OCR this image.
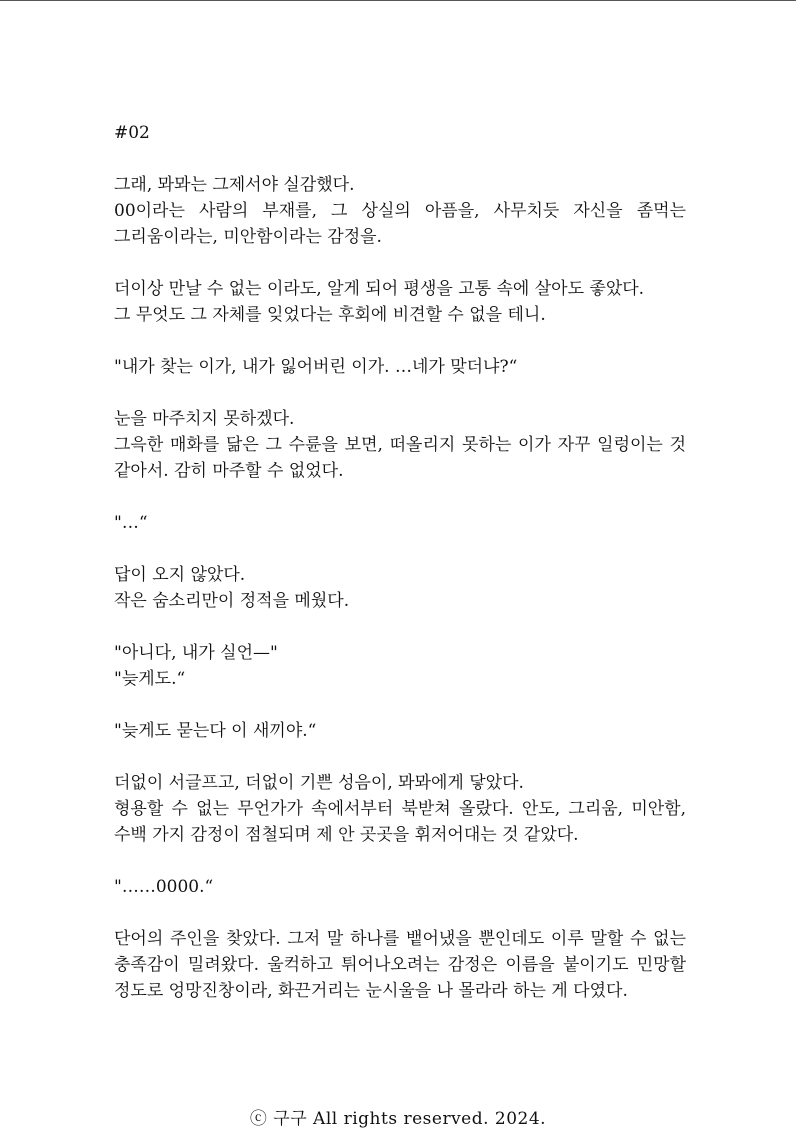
#02
그래, 뫄뫄는 그제서야 실감했다.
00이라는 사람의 부재를, 그 상실의 아픔을, 사무치듯 자신을 좀먹는 그리움이라는, 미안함이라는 감정을.
더이상 만날 수 없는 이라도, 알게 되어 평생을 고통 속에 살아도 좋았다.
그 무엇도 그 자체를 잊었다는 후회에 비견할 수 없을 테니.
"내가 찾는 이가, 내가 잃어버린 이가. …네가 맞더냐?“
눈을 마주치지 못하겠다.
그윽한 매화를 닮은 그 수륜을 보면, 떠올리지 못하는 이가 자꾸 일렁이는 것 같아서. 감히 마주할 수 없었다.
"…“
답이 오지 않았다.
작은 숨소리만이 정적을 메웠다.
"아니다, 내가 실언—"
"늦게도.“
"늦게도 묻는다 이 새끼야.“
더없이 서글프고, 더없이 기쁜 성음이, 뫄뫄에게 닿았다.
형용할 수 없는 무언가가 속에서부터 북받쳐 올랐다. 안도, 그리움, 미안함, 수백 가지 감정이 점철되며 제 안 곳곳을 휘저어대는 것 같았다.
"……0000.“
단어의 주인을 찾았다. 그저 말 하나를 뱉어냈을 뿐인데도 이루 말할 수 없는 충족감이 밀려왔다. 울컥하고 튀어나오려는 감정은 이름을 붙이기도 민망할 정도로 엉망진창이라, 화끈거리는 눈시울을 나 몰라라 하는 게 다였다.
ⓒ 구구 All rights reserved. 2024.
